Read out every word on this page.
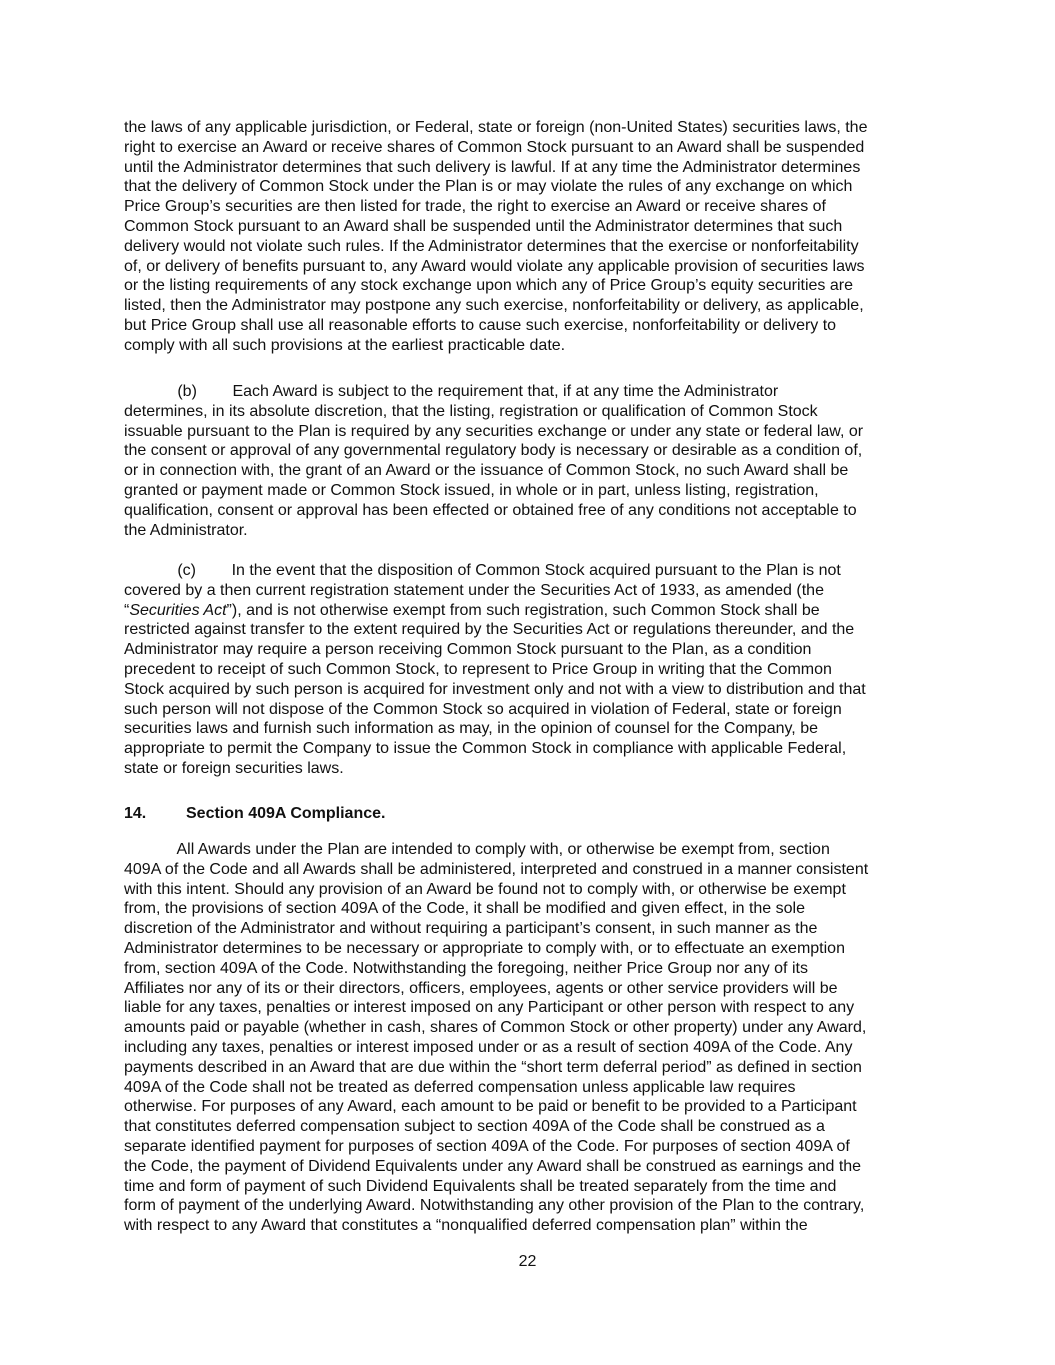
the laws of any applicable jurisdiction, or Federal, state or foreign (non-United States) securities laws, the
right to exercise an Award or receive shares of Common Stock pursuant to an Award shall be suspended
until the Administrator determines that such delivery is lawful. If at any time the Administrator determines
that the delivery of Common Stock under the Plan is or may violate the rules of any exchange on which
Price Group’s securities are then listed for trade, the right to exercise an Award or receive shares of
Common Stock pursuant to an Award shall be suspended until the Administrator determines that such
delivery would not violate such rules. If the Administrator determines that the exercise or nonforfeitability
of, or delivery of benefits pursuant to, any Award would violate any applicable provision of securities laws
or the listing requirements of any stock exchange upon which any of Price Group’s equity securities are
listed, then the Administrator may postpone any such exercise, nonforfeitability or delivery, as applicable,
but Price Group shall use all reasonable efforts to cause such exercise, nonforfeitability or delivery to
comply with all such provisions at the earliest practicable date.
(b)        Each Award is subject to the requirement that, if at any time the Administrator
determines, in its absolute discretion, that the listing, registration or qualification of Common Stock
issuable pursuant to the Plan is required by any securities exchange or under any state or federal law, or
the consent or approval of any governmental regulatory body is necessary or desirable as a condition of,
or in connection with, the grant of an Award or the issuance of Common Stock, no such Award shall be
granted or payment made or Common Stock issued, in whole or in part, unless listing, registration,
qualification, consent or approval has been effected or obtained free of any conditions not acceptable to
the Administrator.
(c)        In the event that the disposition of Common Stock acquired pursuant to the Plan is not
covered by a then current registration statement under the Securities Act of 1933, as amended (the
“Securities Act”), and is not otherwise exempt from such registration, such Common Stock shall be
restricted against transfer to the extent required by the Securities Act or regulations thereunder, and the
Administrator may require a person receiving Common Stock pursuant to the Plan, as a condition
precedent to receipt of such Common Stock, to represent to Price Group in writing that the Common
Stock acquired by such person is acquired for investment only and not with a view to distribution and that
such person will not dispose of the Common Stock so acquired in violation of Federal, state or foreign
securities laws and furnish such information as may, in the opinion of counsel for the Company, be
appropriate to permit the Company to issue the Common Stock in compliance with applicable Federal,
state or foreign securities laws.
14. Section 409A Compliance.
All Awards under the Plan are intended to comply with, or otherwise be exempt from, section
409A of the Code and all Awards shall be administered, interpreted and construed in a manner consistent
with this intent. Should any provision of an Award be found not to comply with, or otherwise be exempt
from, the provisions of section 409A of the Code, it shall be modified and given effect, in the sole
discretion of the Administrator and without requiring a participant’s consent, in such manner as the
Administrator determines to be necessary or appropriate to comply with, or to effectuate an exemption
from, section 409A of the Code. Notwithstanding the foregoing, neither Price Group nor any of its
Affiliates nor any of its or their directors, officers, employees, agents or other service providers will be
liable for any taxes, penalties or interest imposed on any Participant or other person with respect to any
amounts paid or payable (whether in cash, shares of Common Stock or other property) under any Award,
including any taxes, penalties or interest imposed under or as a result of section 409A of the Code. Any
payments described in an Award that are due within the “short term deferral period” as defined in section
409A of the Code shall not be treated as deferred compensation unless applicable law requires
otherwise. For purposes of any Award, each amount to be paid or benefit to be provided to a Participant
that constitutes deferred compensation subject to section 409A of the Code shall be construed as a
separate identified payment for purposes of section 409A of the Code. For purposes of section 409A of
the Code, the payment of Dividend Equivalents under any Award shall be construed as earnings and the
time and form of payment of such Dividend Equivalents shall be treated separately from the time and
form of payment of the underlying Award. Notwithstanding any other provision of the Plan to the contrary,
with respect to any Award that constitutes a “nonqualified deferred compensation plan” within the
22
